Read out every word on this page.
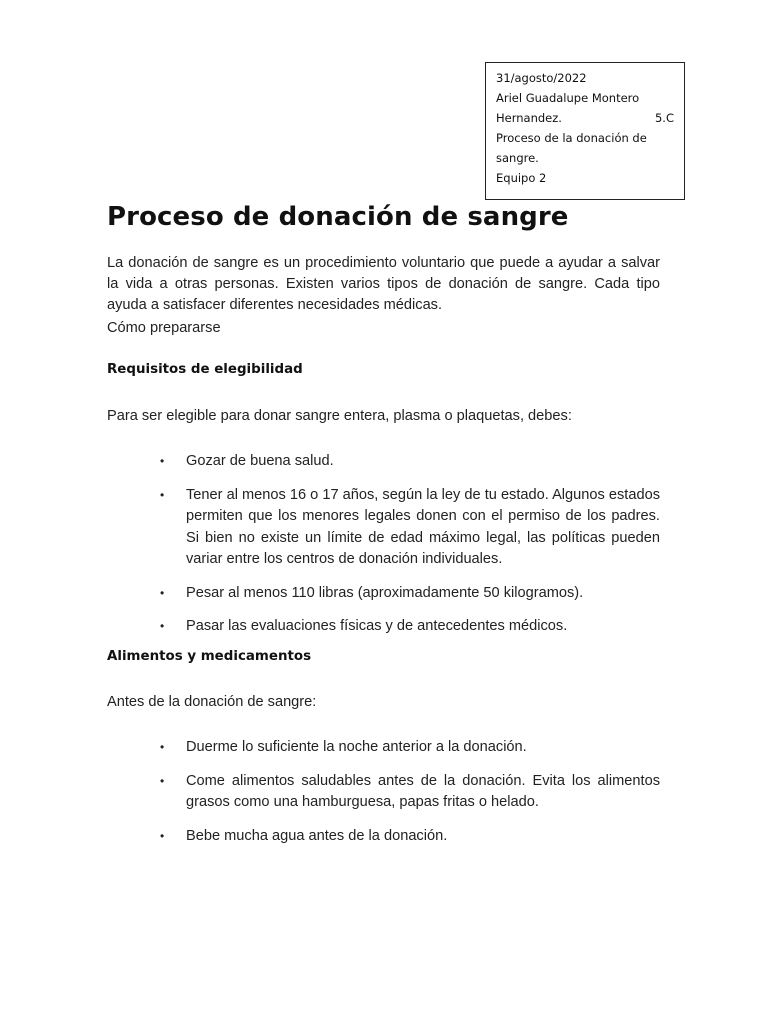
31/agosto/2022
Ariel Guadalupe Montero
Hernandez.	5.C
Proceso de la donación de sangre.
Equipo 2
Proceso de donación de sangre

La donación de sangre es un procedimiento voluntario que puede a ayudar a salvar la vida a otras personas. Existen varios tipos de donación de sangre. Cada tipo ayuda a satisfacer diferentes necesidades médicas.

Cómo prepararse

Requisitos de elegibilidad

Para ser elegible para donar sangre entera, plasma o plaquetas, debes:

• Gozar de buena salud.
• Tener al menos 16 o 17 años, según la ley de tu estado. Algunos estados permiten que los menores legales donen con el permiso de los padres. Si bien no existe un límite de edad máximo legal, las políticas pueden variar entre los centros de donación individuales.
• Pesar al menos 110 libras (aproximadamente 50 kilogramos).
• Pasar las evaluaciones físicas y de antecedentes médicos.

Alimentos y medicamentos

Antes de la donación de sangre:

• Duerme lo suficiente la noche anterior a la donación.
• Come alimentos saludables antes de la donación. Evita los alimentos grasos como una hamburguesa, papas fritas o helado.
• Bebe mucha agua antes de la donación.
